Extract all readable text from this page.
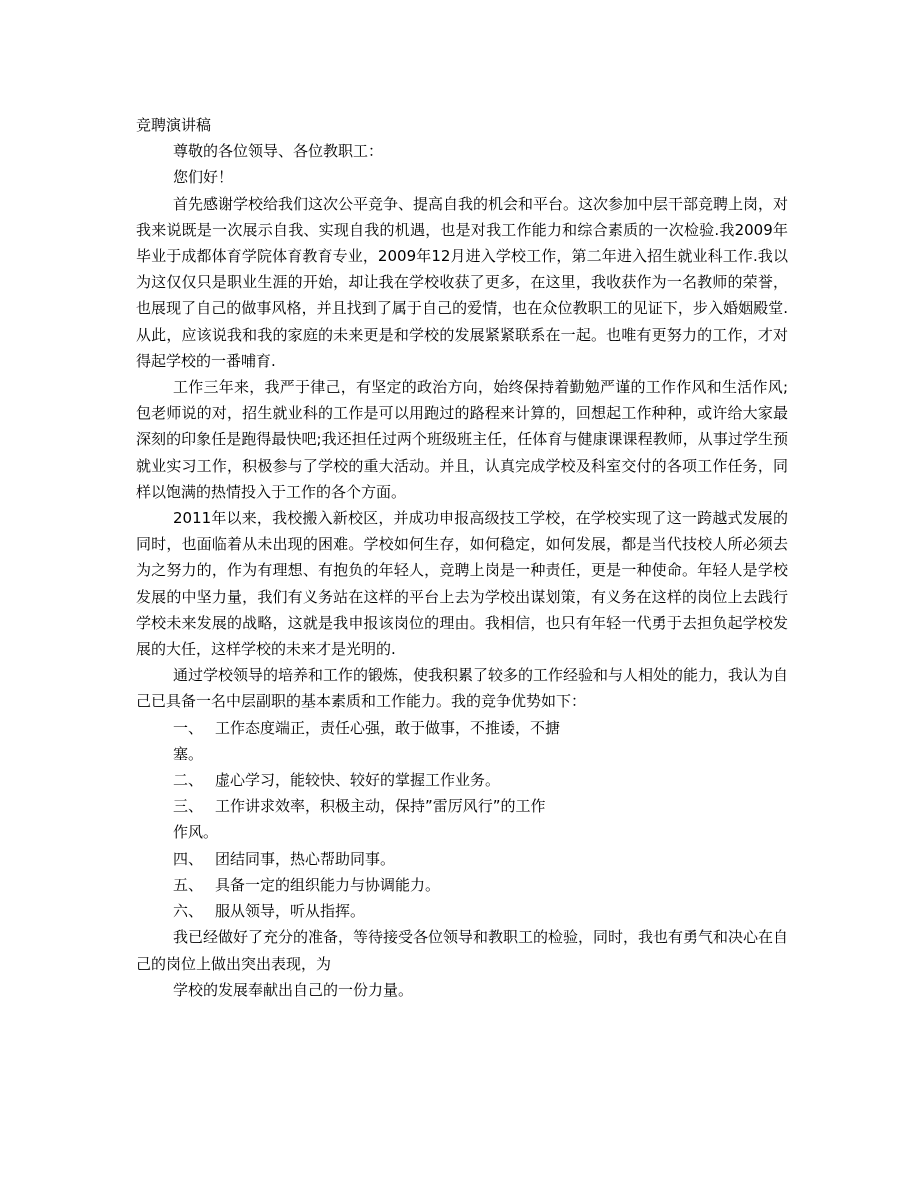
竞聘演讲稿

尊敬的各位领导、各位教职工：

您们好！

首先感谢学校给我们这次公平竞争、提高自我的机会和平台。这次参加中层干部竞聘上岗，对我来说既是一次展示自我、实现自我的机遇，也是对我工作能力和综合素质的一次检验.我2009年毕业于成都体育学院体育教育专业，2009年12月进入学校工作，第二年进入招生就业科工作.我以为这仅仅只是职业生涯的开始，却让我在学校收获了更多，在这里，我收获作为一名教师的荣誉，也展现了自己的做事风格，并且找到了属于自己的爱情，也在众位教职工的见证下，步入婚姻殿堂.从此，应该说我和我的家庭的未来更是和学校的发展紧紧联系在一起。也唯有更努力的工作，才对得起学校的一番哺育.

工作三年来，我严于律己，有坚定的政治方向，始终保持着勤勉严谨的工作作风和生活作风;包老师说的对，招生就业科的工作是可以用跑过的路程来计算的，回想起工作种种，或许给大家最深刻的印象任是跑得最快吧;我还担任过两个班级班主任，任体育与健康课课程教师，从事过学生预就业实习工作，积极参与了学校的重大活动。并且，认真完成学校及科室交付的各项工作任务，同样以饱满的热情投入于工作的各个方面。

2011年以来，我校搬入新校区，并成功申报高级技工学校，在学校实现了这一跨越式发展的同时，也面临着从未出现的困难。学校如何生存，如何稳定，如何发展，都是当代技校人所必须去为之努力的，作为有理想、有抱负的年轻人，竞聘上岗是一种责任，更是一种使命。年轻人是学校发展的中坚力量，我们有义务站在这样的平台上去为学校出谋划策，有义务在这样的岗位上去践行学校未来发展的战略，这就是我申报该岗位的理由。我相信，也只有年轻一代勇于去担负起学校发展的大任，这样学校的未来才是光明的.

通过学校领导的培养和工作的锻炼，使我积累了较多的工作经验和与人相处的能力，我认为自己已具备一名中层副职的基本素质和工作能力。我的竞争优势如下：

一、 工作态度端正，责任心强，敢于做事，不推诿，不搪

塞。

二、 虚心学习，能较快、较好的掌握工作业务。
三、 工作讲求效率，积极主动，保持”雷厉风行”的工作

作风。

四、 团结同事，热心帮助同事。
五、 具备一定的组织能力与协调能力。
六、 服从领导，听从指挥。

我已经做好了充分的准备，等待接受各位领导和教职工的检验，同时，我也有勇气和决心在自己的岗位上做出突出表现，为

学校的发展奉献出自己的一份力量。
